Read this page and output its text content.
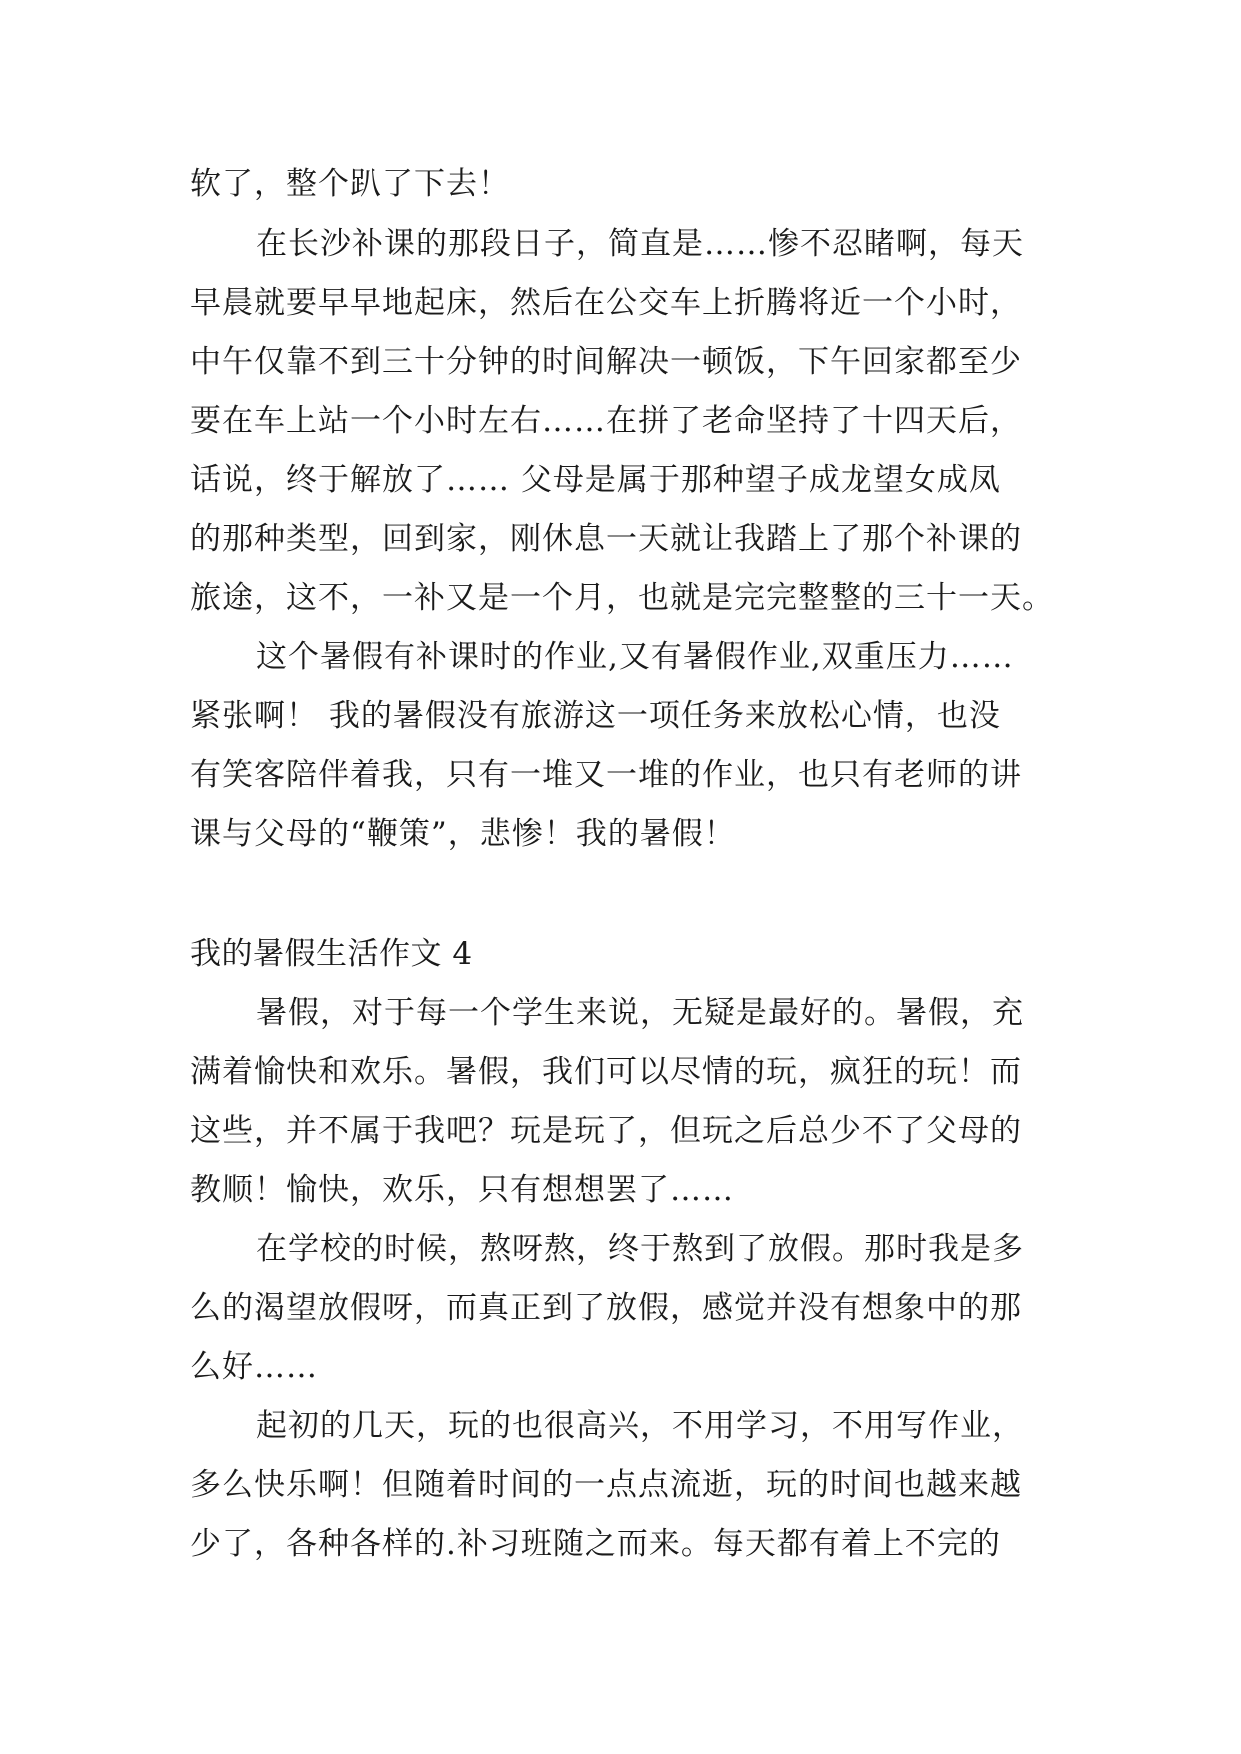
软了，整个趴了下去！
在长沙补课的那段日子，简直是……惨不忍睹啊，每天
早晨就要早早地起床，然后在公交车上折腾将近一个小时，
中午仅靠不到三十分钟的时间解决一顿饭，下午回家都至少
要在车上站一个小时左右……在拼了老命坚持了十四天后，
话说，终于解放了…… 父母是属于那种望子成龙望女成凤
的那种类型，回到家，刚休息一天就让我踏上了那个补课的
旅途，这不，一补又是一个月，也就是完完整整的三十一天。
这个暑假有补课时的作业,又有暑假作业,双重压力……
紧张啊！ 我的暑假没有旅游这一项任务来放松心情，也没
有笑客陪伴着我，只有一堆又一堆的作业，也只有老师的讲
课与父母的“鞭策”，悲惨！我的暑假！
我的暑假生活作文 4
暑假，对于每一个学生来说，无疑是最好的。暑假，充
满着愉快和欢乐。暑假，我们可以尽情的玩，疯狂的玩！而
这些，并不属于我吧？玩是玩了，但玩之后总少不了父母的
教顺！愉快，欢乐，只有想想罢了……
在学校的时候，熬呀熬，终于熬到了放假。那时我是多
么的渴望放假呀，而真正到了放假，感觉并没有想象中的那
么好……
起初的几天，玩的也很高兴，不用学习，不用写作业，
多么快乐啊！但随着时间的一点点流逝，玩的时间也越来越
少了，各种各样的.补习班随之而来。每天都有着上不完的
